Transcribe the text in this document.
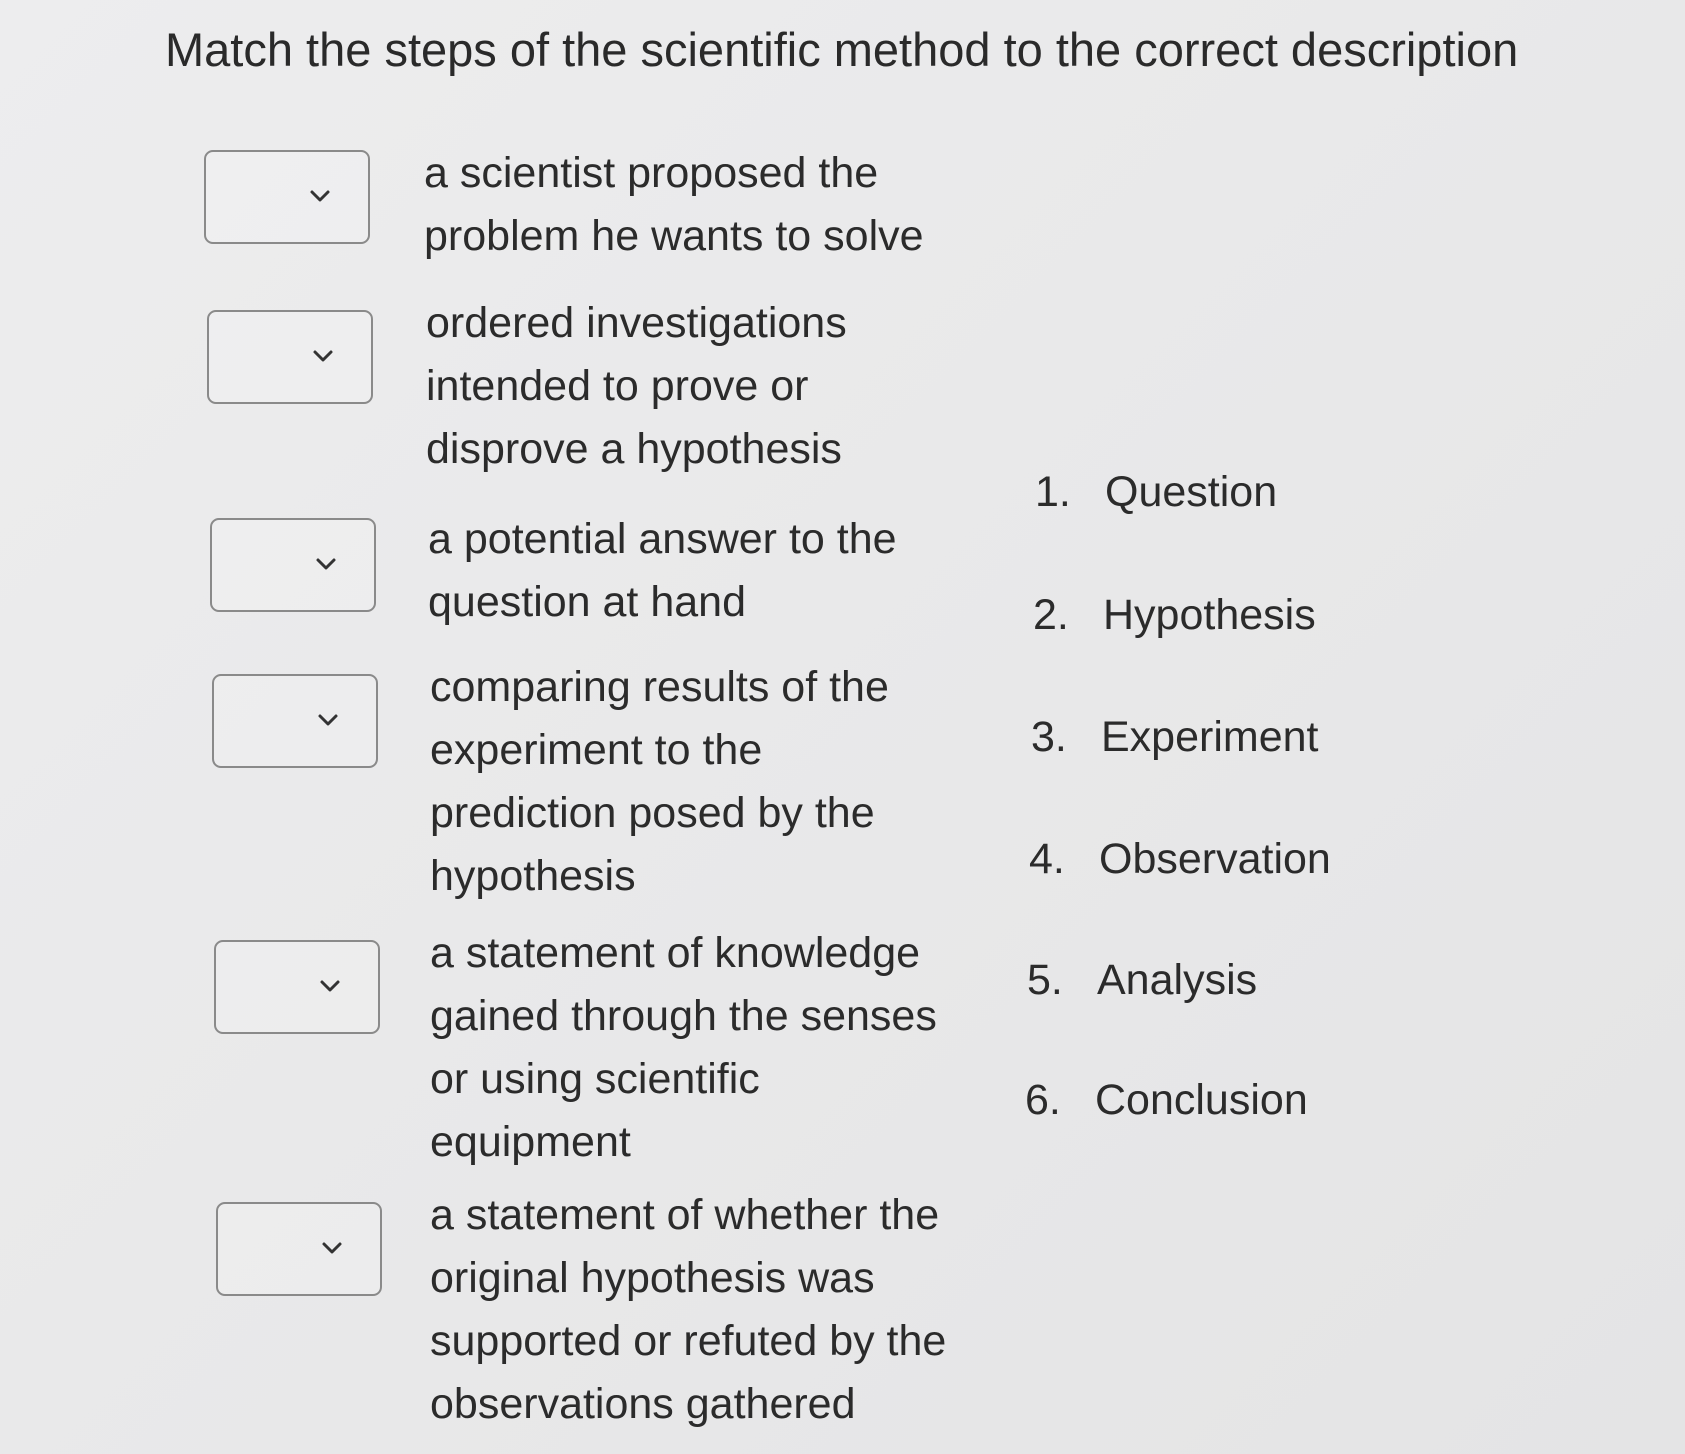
Match the steps of the scientific method to the correct description
a scientist proposed the
problem he wants to solve
ordered investigations
intended to prove or
disprove a hypothesis
a potential answer to the
question at hand
comparing results of the
experiment to the
prediction posed by the
hypothesis
a statement of knowledge
gained through the senses
or using scientific
equipment
a statement of whether the
original hypothesis was
supported or refuted by the
observations gathered
1. Question
2. Hypothesis
3. Experiment
4. Observation
5. Analysis
6. Conclusion
